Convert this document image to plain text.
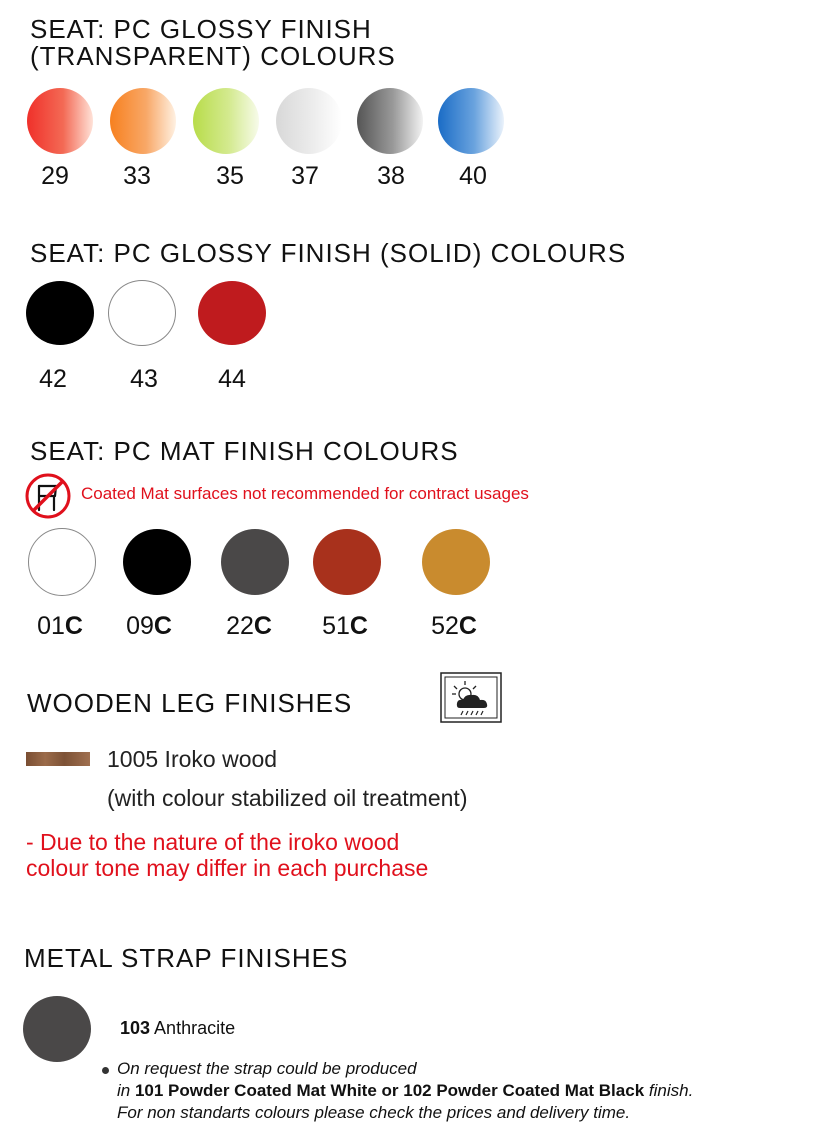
SEAT: PC GLOSSY FINISH
(TRANSPARENT) COLOURS
29	33	35	37	38	40
SEAT: PC GLOSSY FINISH (SOLID) COLOURS
42	43	44
SEAT: PC MAT FINISH COLOURS
Coated Mat surfaces not recommended for contract usages
01C 09C 22C 51C	52C
WOODEN LEG FINISHES
1005 Iroko wood
(with colour stabilized oil treatment)
- Due to the nature of the iroko wood
colour tone may differ in each purchase
METAL STRAP FINISHES
103 Anthracite
On request the strap could be produced
in 101 Powder Coated Mat White or 102 Powder Coated Mat Black finish.
For non standarts colours please check the prices and delivery time.
